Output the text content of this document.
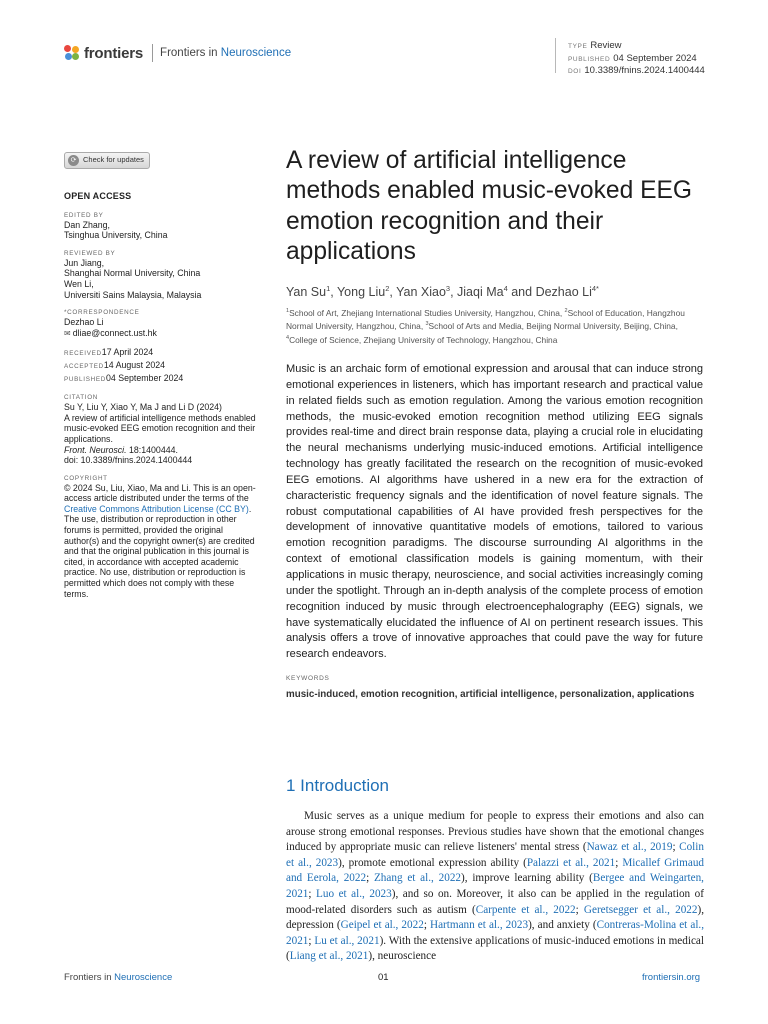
frontiers Frontiers in Neuroscience
TYPE Review
PUBLISHED 04 September 2024
DOI 10.3389/fnins.2024.1400444
⟳ Check for updates
OPEN ACCESS
EDITED BY
Dan Zhang,
Tsinghua University, China
REVIEWED BY
Jun Jiang,
Shanghai Normal University, China
Wen Li,
Universiti Sains Malaysia, Malaysia
*CORRESPONDENCE
Dezhao Li
✉ dliae@connect.ust.hk
RECEIVED17 April 2024
ACCEPTED14 August 2024
PUBLISHED04 September 2024
CITATION
Su Y, Liu Y, Xiao Y, Ma J and Li D (2024)
A review of artificial intelligence methods enabled music-evoked EEG emotion recognition and their applications.
Front. Neurosci. 18:1400444.
doi: 10.3389/fnins.2024.1400444
COPYRIGHT
© 2024 Su, Liu, Xiao, Ma and Li. This is an open-access article distributed under the terms of the Creative Commons Attribution License (CC BY). The use, distribution or reproduction in other forums is permitted, provided the original author(s) and the copyright owner(s) are credited and that the original publication in this journal is cited, in accordance with accepted academic practice. No use, distribution or reproduction is permitted which does not comply with these terms.
A review of artificial intelligence methods enabled music-evoked EEG emotion recognition and their applications
Yan Su$^1$, Yong Liu$^2$, Yan Xiao$^3$, Jiaqi Ma$^4$ and Dezhao $Li^{4*}$
$^1$School of Art, Zhejiang International Studies University, Hangzhou, China, $^2$School of Education, Hangzhou Normal University, Hangzhou, China, $^3$School of Arts and Media, Beijing Normal University, Beijing, China, $^4$College of Science, Zhejiang University of Technology, Hangzhou, China

Music is an archaic form of emotional expression and arousal that can induce strong emotional experiences in listeners, which has important research and practical value in related fields such as emotion regulation. Among the various emotion recognition methods, the music-evoked emotion recognition method utilizing EEG signals provides real-time and direct brain response data, playing a crucial role in elucidating the neural mechanisms underlying music-induced emotions. Artificial intelligence technology has greatly facilitated the research on the recognition of music-evoked EEG emotions. AI algorithms have ushered in a new era for the extraction of characteristic frequency signals and the identification of novel feature signals. The robust computational capabilities of AI have provided fresh perspectives for the development of innovative quantitative models of emotions, tailored to various emotion recognition paradigms. The discourse surrounding AI algorithms in the context of emotional classification models is gaining momentum, with their applications in music therapy, neuroscience, and social activities increasingly coming under the spotlight. Through an in-depth analysis of the complete process of emotion recognition induced by music through electroencephalography (EEG) signals, we have systematically elucidated the influence of AI on pertinent research issues. This analysis offers a trove of innovative approaches that could pave the way for future research endeavors.

KEYWORDS
music-induced, emotion recognition, artificial intelligence, personalization, applications
1 Introduction

Music serves as a unique medium for people to express their emotions and also can arouse strong emotional responses. Previous studies have shown that the emotional changes induced by appropriate music can relieve listeners' mental stress (Nawaz et al., 2019; Colin et al., 2023), promote emotional expression ability (Palazzi et al., 2021; Micallef Grimaud and Eerola, 2022; Zhang et al., 2022), improve learning ability (Bergee and Weingarten, 2021; Luo et al., 2023), and so on. Moreover, it also can be applied in the regulation of mood-related disorders such as autism (Carpente et al., 2022; Geretsegger et al., 2022), depression (Geipel et al., 2022; Hartmann et al., 2023), and anxiety (Contreras-Molina et al., 2021; Lu et al., 2021). With the extensive applications of music-induced emotions in medical (Liang et al., 2021), neuroscience

Frontiers in Neuroscience	01	frontiersin.org
